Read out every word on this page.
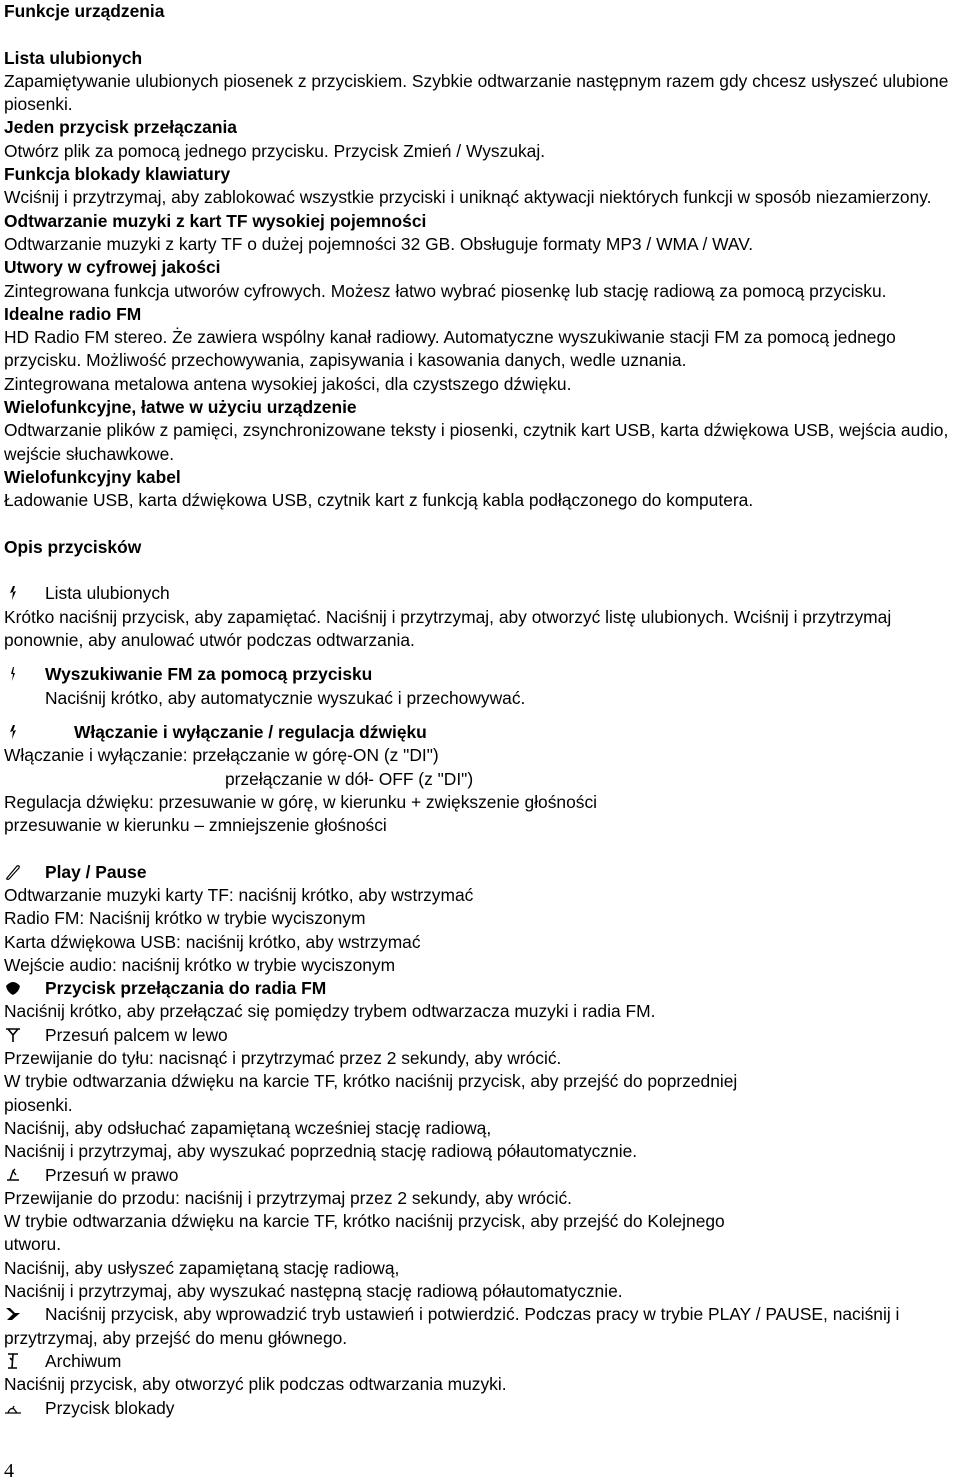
Funkcje urządzenia
Lista ulubionych
Zapamiętywanie ulubionych piosenek z przyciskiem. Szybkie odtwarzanie następnym razem gdy chcesz usłyszeć ulubione piosenki.
Jeden przycisk przełączania
Otwórz plik za pomocą jednego przycisku. Przycisk Zmień / Wyszukaj.
Funkcja blokady klawiatury
Wciśnij i przytrzymaj, aby zablokować wszystkie przyciski i uniknąć aktywacji niektórych funkcji w sposób niezamierzony.
Odtwarzanie muzyki z kart TF wysokiej pojemności
Odtwarzanie muzyki z karty TF o dużej pojemności 32 GB. Obsługuje formaty MP3 / WMA / WAV.
Utwory w cyfrowej jakości
Zintegrowana funkcja utworów cyfrowych. Możesz łatwo wybrać piosenkę lub stację radiową za pomocą przycisku.
Idealne radio FM
HD Radio FM stereo. Że zawiera wspólny kanał radiowy. Automatyczne wyszukiwanie stacji FM za pomocą jednego przycisku. Możliwość przechowywania, zapisywania i kasowania danych, wedle uznania.
Zintegrowana metalowa antena wysokiej jakości, dla czystszego dźwięku.
Wielofunkcyjne, łatwe w użyciu urządzenie
Odtwarzanie plików z pamięci, zsynchronizowane teksty i piosenki, czytnik kart USB, karta dźwiękowa USB, wejścia audio, wejście słuchawkowe.
Wielofunkcyjny kabel
Ładowanie USB, karta dźwiękowa USB, czytnik kart z funkcją kabla podłączonego do komputera.
Opis przycisków
Lista ulubionych
Krótko naciśnij przycisk, aby zapamiętać. Naciśnij i przytrzymaj, aby otworzyć listę ulubionych. Wciśnij i przytrzymaj ponownie, aby anulować utwór podczas odtwarzania.
Wyszukiwanie FM za pomocą przycisku
Naciśnij krótko, aby automatycznie wyszukać i przechowywać.
Włączanie i wyłączanie / regulacja dźwięku
Włączanie i wyłączanie: przełączanie w górę-ON (z "DI")
przełączanie w dół- OFF (z "DI")
Regulacja dźwięku: przesuwanie w górę, w kierunku + zwiększenie głośności
przesuwanie w kierunku – zmniejszenie głośności
Play / Pause
Odtwarzanie muzyki karty TF: naciśnij krótko, aby wstrzymać
Radio FM: Naciśnij krótko w trybie wyciszonym
Karta dźwiękowa USB: naciśnij krótko, aby wstrzymać
Wejście audio: naciśnij krótko w trybie wyciszonym
Przycisk przełączania do radia FM
Naciśnij krótko, aby przełączać się pomiędzy trybem odtwarzacza muzyki i radia FM.
Przesuń palcem w lewo
Przewijanie do tyłu: nacisnąć i przytrzymać przez 2 sekundy, aby wrócić.
W trybie odtwarzania dźwięku na karcie TF, krótko naciśnij przycisk, aby przejść do poprzedniej piosenki.
Naciśnij, aby odsłuchać zapamiętaną wcześniej stację radiową,
Naciśnij i przytrzymaj, aby wyszukać poprzednią stację radiową półautomatycznie.
Przesuń w prawo
Przewijanie do przodu: naciśnij i przytrzymaj przez 2 sekundy, aby wrócić.
W trybie odtwarzania dźwięku na karcie TF, krótko naciśnij przycisk, aby przejść do Kolejnego utworu.
Naciśnij, aby usłyszeć zapamiętaną stację radiową,
Naciśnij i przytrzymaj, aby wyszukać następną stację radiową półautomatycznie.
Naciśnij przycisk, aby wprowadzić tryb ustawień i potwierdzić. Podczas pracy w trybie PLAY / PAUSE, naciśnij i przytrzymaj, aby przejść do menu głównego.
Archiwum
Naciśnij przycisk, aby otworzyć plik podczas odtwarzania muzyki.
Przycisk blokady
4
